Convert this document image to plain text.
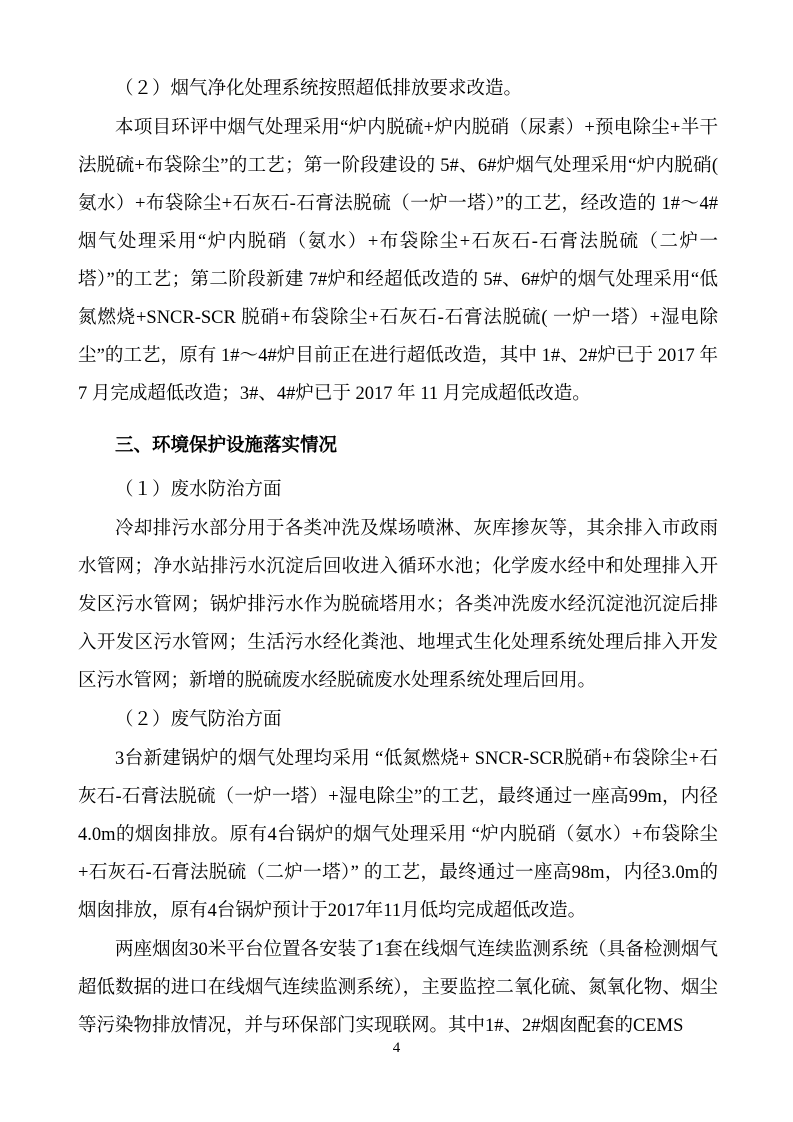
（２）烟气净化处理系统按照超低排放要求改造。

本项目环评中烟气处理采用“炉内脱硫+炉内脱硝（尿素）+预电除尘+半干法脱硫+布袋除尘”的工艺；第一阶段建设的 5#、6#炉烟气处理采用“炉内脱硝( 氨水）+布袋除尘+石灰石-石膏法脱硫（一炉一塔）”的工艺，经改造的 1#～4#烟气处理采用“炉内脱硝（氨水）+布袋除尘+石灰石-石膏法脱硫（二炉一塔）”的工艺；第二阶段新建 7#炉和经超低改造的 5#、6#炉的烟气处理采用“低氮燃烧+SNCR-SCR 脱硝+布袋除尘+石灰石-石膏法脱硫( 一炉一塔）+湿电除尘”的工艺，原有 1#～4#炉目前正在进行超低改造，其中 1#、2#炉已于 2017 年 7 月完成超低改造；3#、4#炉已于 2017 年 11 月完成超低改造。

三、环境保护设施落实情况

（１）废水防治方面

冷却排污水部分用于各类冲洗及煤场喷淋、灰库掺灰等，其余排入市政雨水管网；净水站排污水沉淀后回收进入循环水池；化学废水经中和处理排入开发区污水管网；锅炉排污水作为脱硫塔用水；各类冲洗废水经沉淀池沉淀后排入开发区污水管网；生活污水经化粪池、地埋式生化处理系统处理后排入开发区污水管网；新增的脱硫废水经脱硫废水处理系统处理后回用。

（２）废气防治方面

3台新建锅炉的烟气处理均采用 “低氮燃烧+ SNCR-SCR脱硝+布袋除尘+石灰石-石膏法脱硫（一炉一塔）+湿电除尘”的工艺，最终通过一座高99m，内径4.0m的烟囱排放。原有4台锅炉的烟气处理采用 “炉内脱硝（氨水）+布袋除尘+石灰石-石膏法脱硫（二炉一塔）” 的工艺，最终通过一座高98m，内径3.0m的烟囱排放，原有4台锅炉预计于2017年11月低均完成超低改造。

两座烟囱30米平台位置各安装了1套在线烟气连续监测系统（具备检测烟气超低数据的进口在线烟气连续监测系统），主要监控二氧化硫、氮氧化物、烟尘等污染物排放情况，并与环保部门实现联网。其中1#、2#烟囱配套的CEMS

4
